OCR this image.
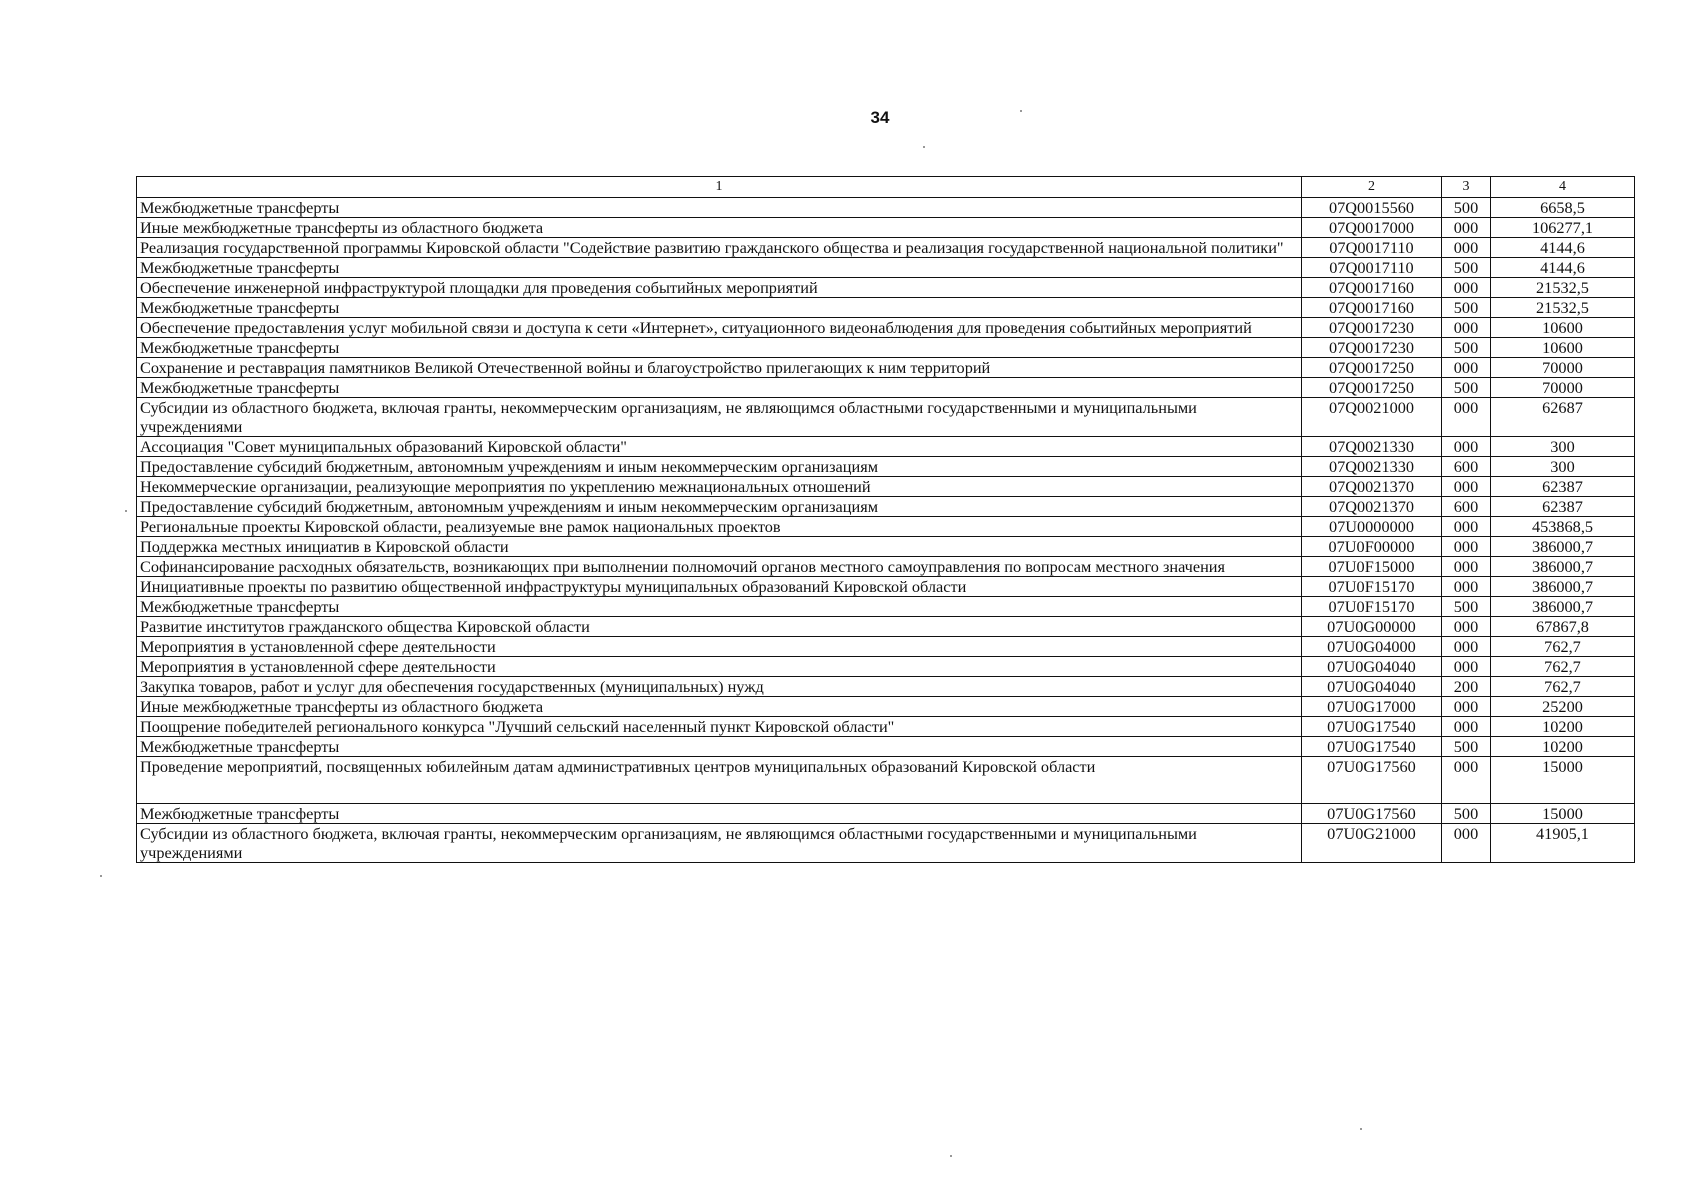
34
1	2	3	4
Межбюджетные трансферты	07Q0015560	500	6658,5
Иные межбюджетные трансферты из областного бюджета	07Q0017000	000	106277,1
Реализация государственной программы Кировской области "Содействие развитию гражданского общества и реализация государственной национальной политики"	07Q0017110	000	4144,6
Межбюджетные трансферты	07Q0017110	500	4144,6
Обеспечение инженерной инфраструктурой площадки для проведения событийных мероприятий	07Q0017160	000	21532,5
Межбюджетные трансферты	07Q0017160	500	21532,5
Обеспечение предоставления услуг мобильной связи и доступа к сети «Интернет», ситуационного видеонаблюдения для проведения событийных мероприятий	07Q0017230	000	10600
Межбюджетные трансферты	07Q0017230	500	10600
Сохранение и реставрация памятников Великой Отечественной войны и благоустройство прилегающих к ним территорий	07Q0017250	000	70000
Межбюджетные трансферты	07Q0017250	500	70000
Субсидии из областного бюджета, включая гранты, некоммерческим организациям, не являющимся областными государственными и муниципальными учреждениями	07Q0021000	000	62687
Ассоциация "Совет муниципальных образований Кировской области"	07Q0021330	000	300
Предоставление субсидий бюджетным, автономным учреждениям и иным некоммерческим организациям	07Q0021330	600	300
Некоммерческие организации, реализующие мероприятия по укреплению межнациональных отношений	07Q0021370	000	62387
Предоставление субсидий бюджетным, автономным учреждениям и иным некоммерческим организациям	07Q0021370	600	62387
Региональные проекты Кировской области, реализуемые вне рамок национальных проектов	07U0000000	000	453868,5
Поддержка местных инициатив в Кировской области	07U0F00000	000	386000,7
Софинансирование расходных обязательств, возникающих при выполнении полномочий органов местного самоуправления по вопросам местного значения	07U0F15000	000	386000,7
Инициативные проекты по развитию общественной инфраструктуры муниципальных образований Кировской области	07U0F15170	000	386000,7
Межбюджетные трансферты	07U0F15170	500	386000,7
Развитие институтов гражданского общества Кировской области	07U0G00000	000	67867,8
Мероприятия в установленной сфере деятельности	07U0G04000	000	762,7
Мероприятия в установленной сфере деятельности	07U0G04040	000	762,7
Закупка товаров, работ и услуг для обеспечения государственных (муниципальных) нужд	07U0G04040	200	762,7
Иные межбюджетные трансферты из областного бюджета	07U0G17000	000	25200
Поощрение победителей регионального конкурса "Лучший сельский населенный пункт Кировской области"	07U0G17540	000	10200
Межбюджетные трансферты	07U0G17540	500	10200
Проведение мероприятий, посвященных юбилейным датам административных центров муниципальных образований Кировской области	07U0G17560	000	15000
Межбюджетные трансферты	07U0G17560	500	15000
Субсидии из областного бюджета, включая гранты, некоммерческим организациям, не являющимся областными государственными и муниципальными учреждениями	07U0G21000	000	41905,1
